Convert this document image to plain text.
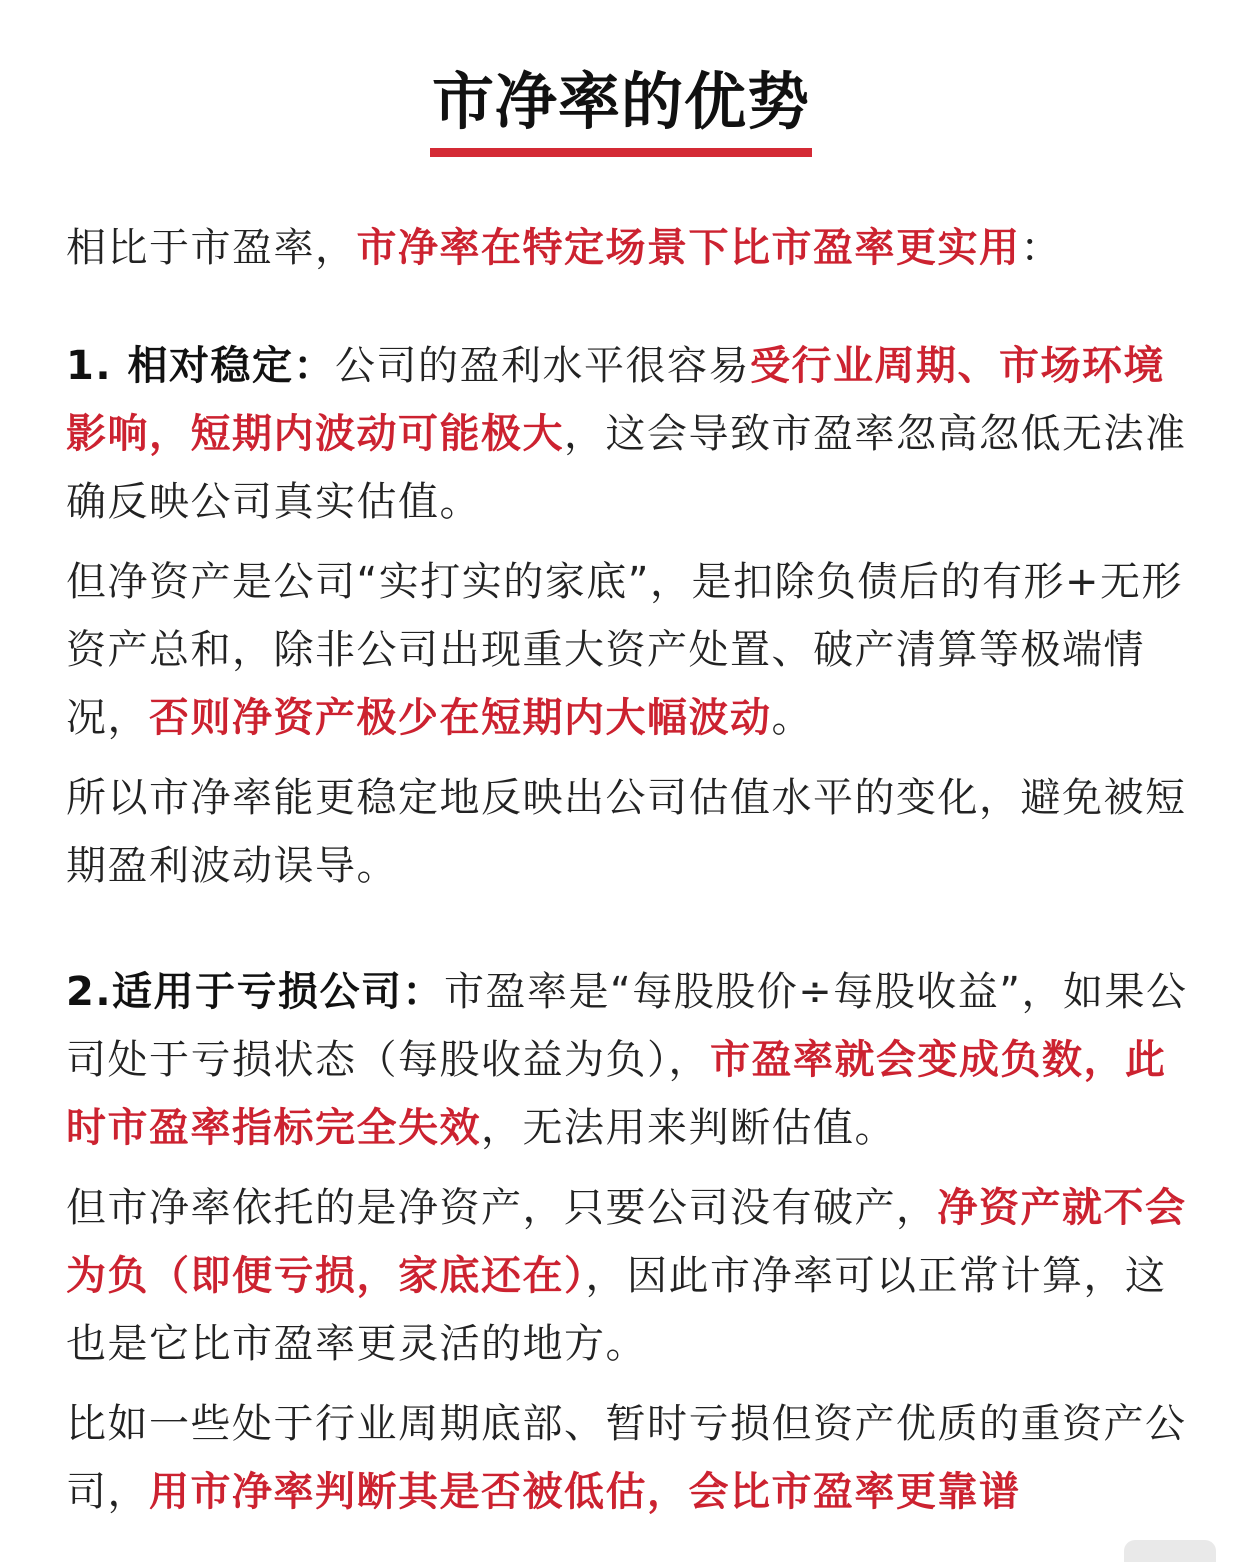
市净率的优势

相比于市盈率，市净率在特定场景下比市盈率更实用：

1. 相对稳定：公司的盈利水平很容易受行业周期、市场环境影响，短期内波动可能极大，这会导致市盈率忽高忽低无法准确反映公司真实估值。

但净资产是公司“实打实的家底”，是扣除负债后的有形+无形资产总和，除非公司出现重大资产处置、破产清算等极端情况，否则净资产极少在短期内大幅波动。

所以市净率能更稳定地反映出公司估值水平的变化，避免被短期盈利波动误导。

2.适用于亏损公司：市盈率是“每股股价÷每股收益”，如果公司处于亏损状态（每股收益为负），市盈率就会变成负数，此时市盈率指标完全失效，无法用来判断估值。

但市净率依托的是净资产，只要公司没有破产，净资产就不会为负（即便亏损，家底还在），因此市净率可以正常计算，这也是它比市盈率更灵活的地方。

比如一些处于行业周期底部、暂时亏损但资产优质的重资产公司，用市净率判断其是否被低估，会比市盈率更靠谱
